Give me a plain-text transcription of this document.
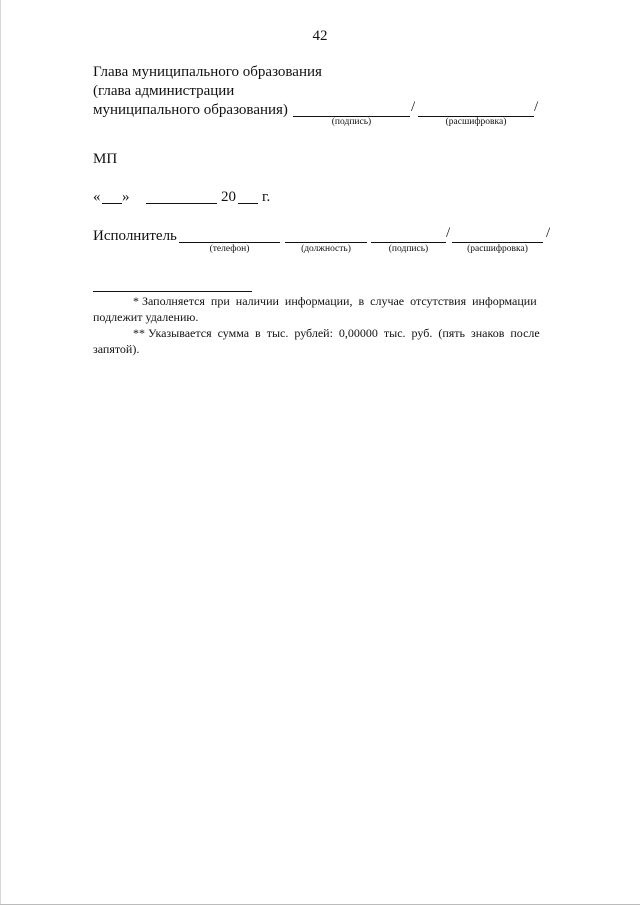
42
Глава муниципального образования
(глава администрации
муниципального образования)	/	/
(подпись)	(расшифровка)
МП
« »	20 г.
Исполнитель	/	/
(телефон)	(должность)	(подпись)	(расшифровка)
* Заполняется при наличии информации, в случае отсутствия информации
подлежит удалению.
** Указывается сумма в тыс. рублей: 0,00000 тыс. руб. (пять знаков после
запятой).
